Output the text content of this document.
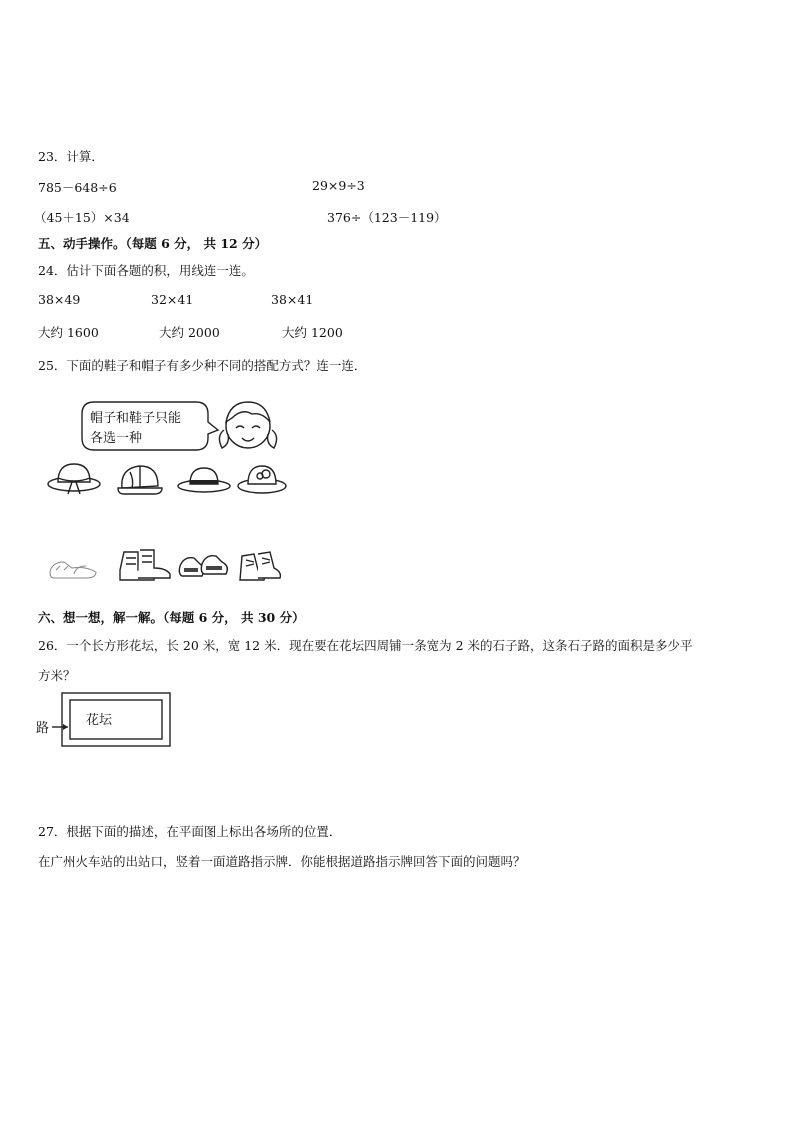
23．计算．
785－648÷6	29×9÷3
（45＋15）×34	376÷（123－119）
五、动手操作。（每题 6 分， 共 12 分）
24．估计下面各题的积，用线连一连。
38×49	32×41	38×41
大约 1600	大约 2000	大约 1200
25．下面的鞋子和帽子有多少种不同的搭配方式？连一连．
帽子和鞋子只能
各选一种
六、想一想，解一解。（每题 6 分， 共 30 分）
26．一个长方形花坛，长 20 米，宽 12 米．现在要在花坛四周铺一条宽为 2 米的石子路，这条石子路的面积是多少平
方米？
路
花坛
27．根据下面的描述，在平面图上标出各场所的位置．
在广州火车站的出站口，竖着一面道路指示牌．你能根据道路指示牌回答下面的问题吗？
